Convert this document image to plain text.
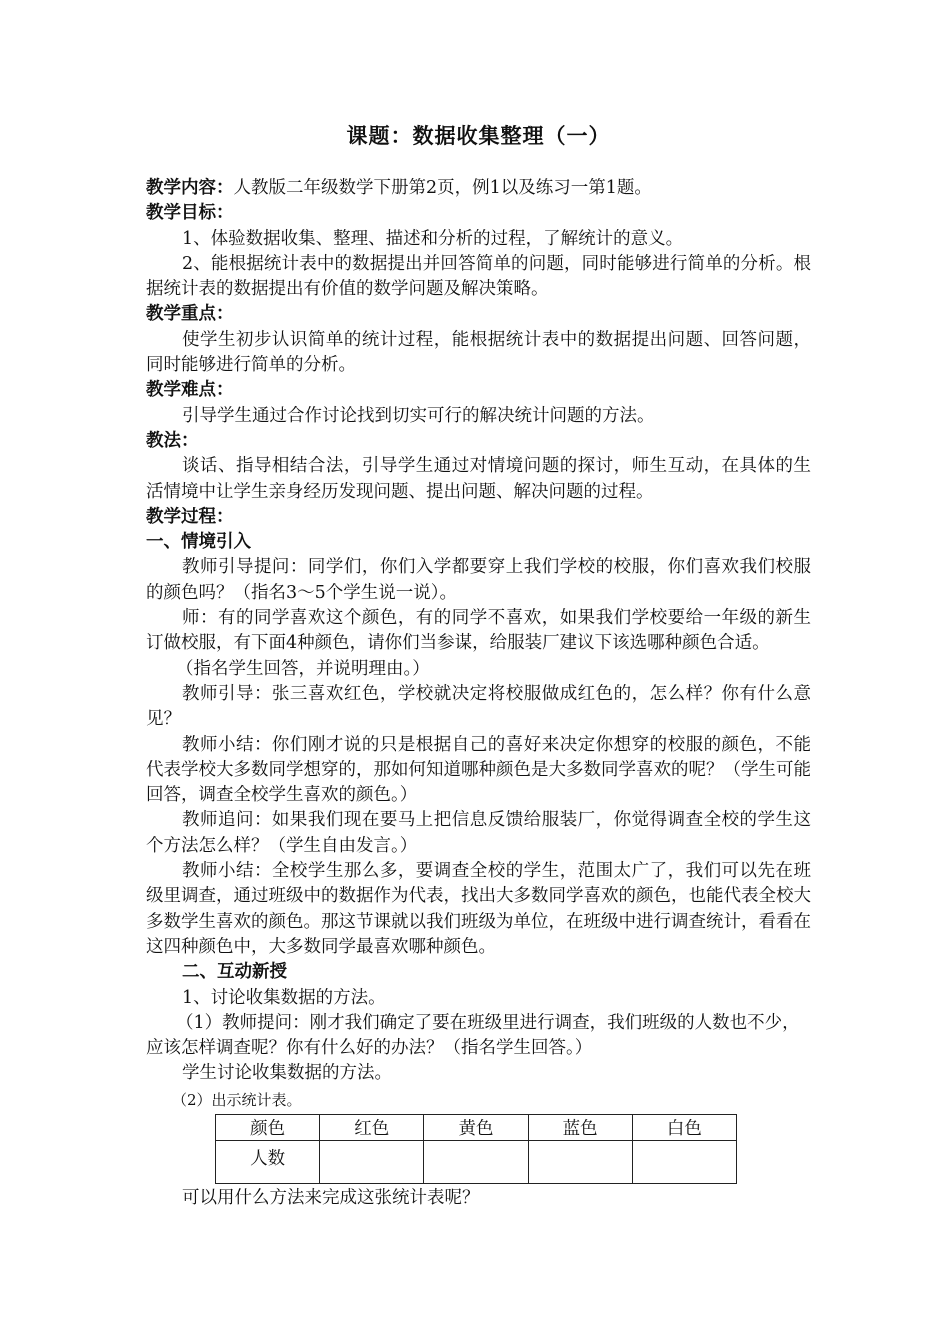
课题：数据收集整理（一）

教学内容：人教版二年级数学下册第2页，例1以及练习一第1题。

教学目标：

1、体验数据收集、整理、描述和分析的过程，了解统计的意义。

2、能根据统计表中的数据提出并回答简单的问题，同时能够进行简单的分析。根据统计表的数据提出有价值的数学问题及解决策略。

教学重点：

使学生初步认识简单的统计过程，能根据统计表中的数据提出问题、回答问题，同时能够进行简单的分析。

教学难点：

引导学生通过合作讨论找到切实可行的解决统计问题的方法。

教法：

谈话、指导相结合法，引导学生通过对情境问题的探讨，师生互动，在具体的生活情境中让学生亲身经历发现问题、提出问题、解决问题的过程。

教学过程：

一、情境引入

教师引导提问：同学们，你们入学都要穿上我们学校的校服，你们喜欢我们校服的颜色吗？（指名3～5个学生说一说）。

师：有的同学喜欢这个颜色，有的同学不喜欢，如果我们学校要给一年级的新生订做校服，有下面4种颜色，请你们当参谋，给服装厂建议下该选哪种颜色合适。

（指名学生回答，并说明理由。）

教师引导：张三喜欢红色，学校就决定将校服做成红色的，怎么样？你有什么意见？

教师小结：你们刚才说的只是根据自己的喜好来决定你想穿的校服的颜色，不能代表学校大多数同学想穿的，那如何知道哪种颜色是大多数同学喜欢的呢？（学生可能回答，调查全校学生喜欢的颜色。）

教师追问：如果我们现在要马上把信息反馈给服装厂，你觉得调查全校的学生这个方法怎么样？（学生自由发言。）

教师小结：全校学生那么多，要调查全校的学生，范围太广了，我们可以先在班级里调查，通过班级中的数据作为代表，找出大多数同学喜欢的颜色，也能代表全校大多数学生喜欢的颜色。那这节课就以我们班级为单位，在班级中进行调查统计，看看在这四种颜色中，大多数同学最喜欢哪种颜色。

二、互动新授

1、讨论收集数据的方法。

（1）教师提问：刚才我们确定了要在班级里进行调查，我们班级的人数也不少，应该怎样调查呢？你有什么好的办法？（指名学生回答。）

学生讨论收集数据的方法。

（2）出示统计表。

颜色	红色	黄色	蓝色	白色
人数				

可以用什么方法来完成这张统计表呢？
